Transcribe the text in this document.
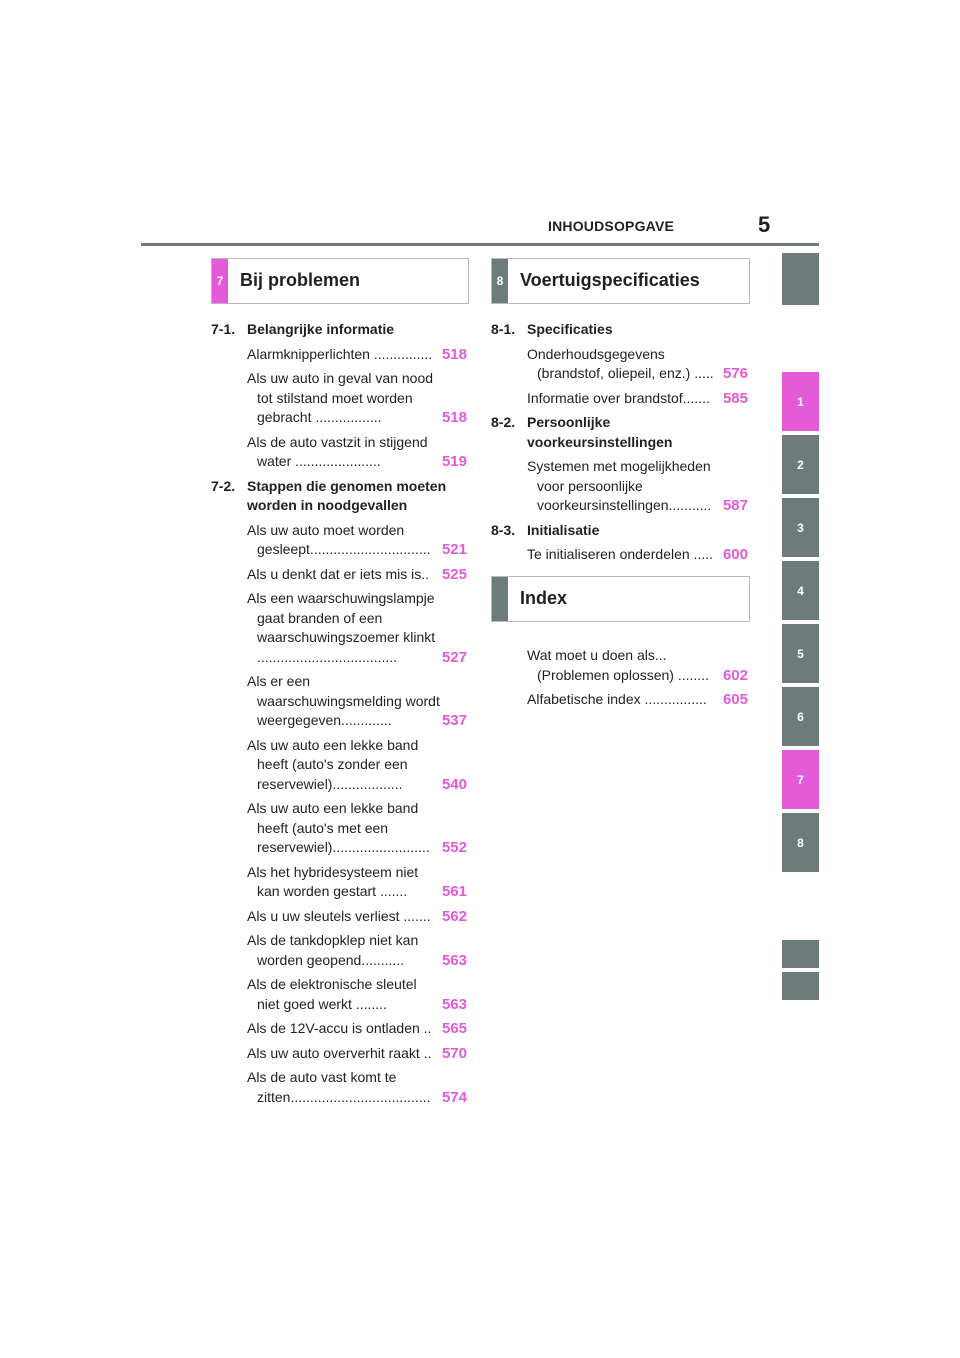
INHOUDSOPGAVE	5
7 Bij problemen	8 Voertuigspecificaties
Index
7-1. Belangrijke informatie
Alarmknipperlichten ............... 518
Als uw auto in geval van nood tot stilstand moet worden gebracht .................	518
Als de auto vastzit in stijgend water ......................	519
7-2. Stappen die genomen moeten worden in noodgevallen
Als uw auto moet worden gesleept............................... 521
Als u denkt dat er iets mis is.. 525
Als een waarschuwingslampje gaat branden of een waarschuwingszoemer klinkt ....................................	527
Als er een waarschuwingsmelding wordt weergegeven.............	537
Als uw auto een lekke band heeft (auto's zonder een reservewiel)..................	540
Als uw auto een lekke band heeft (auto's met een reservewiel)......................... 552
Als het hybridesysteem niet kan worden gestart .......	561
Als u uw sleutels verliest ....... 562
Als de tankdopklep niet kan worden geopend...........	563
Als de elektronische sleutel niet goed werkt ........	563
Als de 12V-accu is ontladen .. 565
Als uw auto oververhit raakt .. 570
Als de auto vast komt te zitten.................................... 574
8-1. Specificaties
Onderhoudsgegevens (brandstof, oliepeil, enz.) ..... 576
Informatie over brandstof....... 585
8-2. Persoonlijke voorkeursinstellingen
Systemen met mogelijkheden voor persoonlijke voorkeursinstellingen........... 587
8-3. Initialisatie
Te initialiseren onderdelen ..... 600
Wat moet u doen als... (Problemen oplossen) ........ 602
Alfabetische index ................	605
1
2
3
4
5
6
7
8
